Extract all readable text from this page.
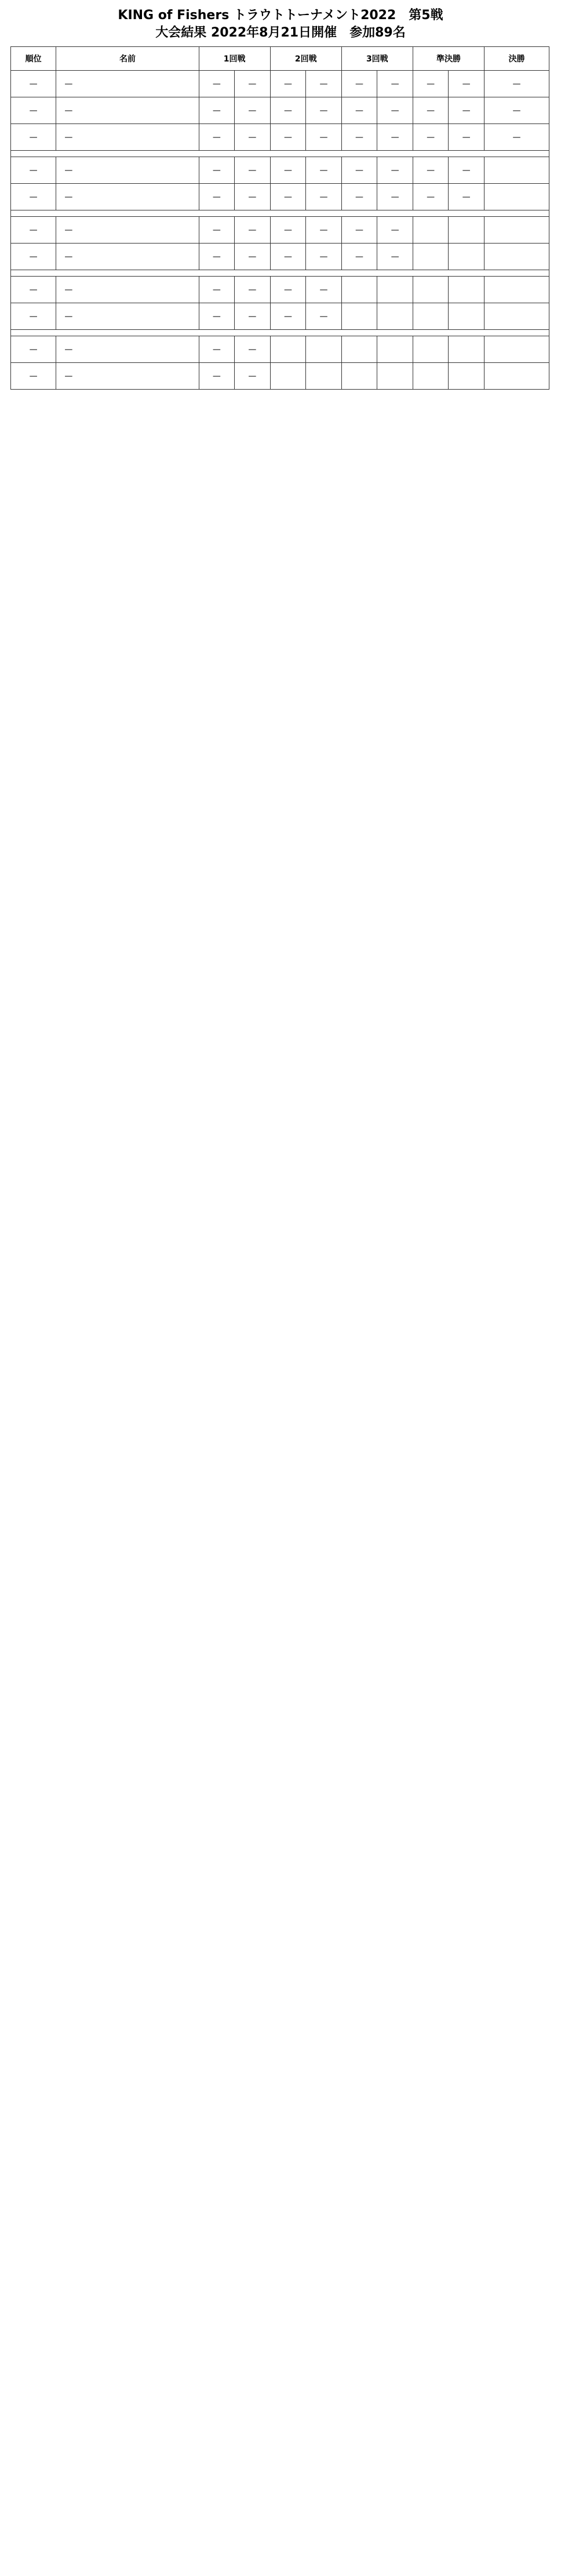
KING of Fishers トラウトトーナメント2022　第5戦
大会結果 2022年8月21日開催　参加89名
順位	名前	1回戦		2回戦		3回戦		準決勝		決勝
—	—	—	—	—	—	—	—	—	—	—
—	—	—	—	—	—	—	—	—	—	—
—	—	—	—	—	—	—	—	—	—	—

—	—	—	—	—	—	—	—	—	—	
—	—	—	—	—	—	—	—	—	—	

—	—	—	—	—	—	—	—			
—	—	—	—	—	—	—	—			

—	—	—	—	—	—					
—	—	—	—	—	—					

—	—	—	—							
—	—	—	—							
